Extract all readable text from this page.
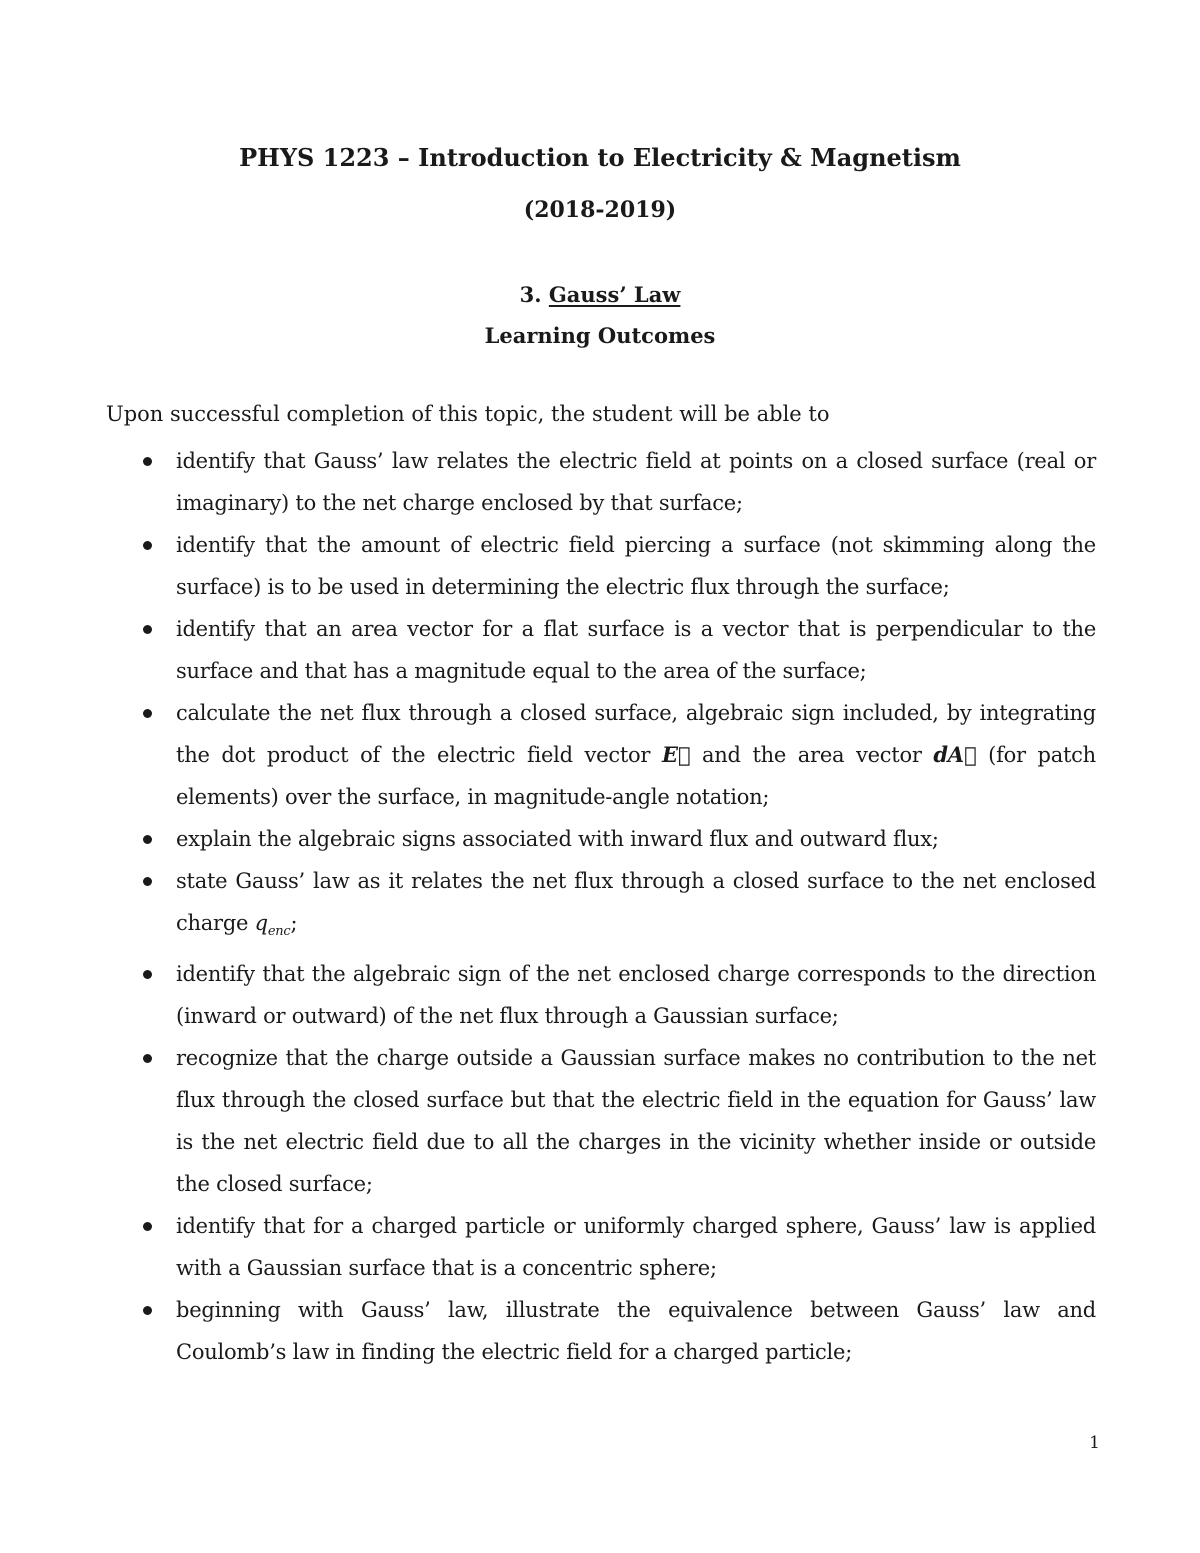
PHYS 1223 – Introduction to Electricity & Magnetism
(2018-2019)
3. Gauss’ Law
Learning Outcomes

Upon successful completion of this topic, the student will be able to

identify that Gauss’ law relates the electric field at points on a closed surface (real or imaginary) to the net charge enclosed by that surface;
identify that the amount of electric field piercing a surface (not skimming along the surface) is to be used in determining the electric flux through the surface;
identify that an area vector for a flat surface is a vector that is perpendicular to the surface and that has a magnitude equal to the area of the surface;
calculate the net flux through a closed surface, algebraic sign included, by integrating the dot product of the electric field vector E⃗ and the area vector dA⃗ (for patch elements) over the surface, in magnitude-angle notation;
explain the algebraic signs associated with inward flux and outward flux;
state Gauss’ law as it relates the net flux through a closed surface to the net enclosed charge $q_{enc}$;
identify that the algebraic sign of the net enclosed charge corresponds to the direction (inward or outward) of the net flux through a Gaussian surface;
recognize that the charge outside a Gaussian surface makes no contribution to the net flux through the closed surface but that the electric field in the equation for Gauss’ law is the net electric field due to all the charges in the vicinity whether inside or outside the closed surface;
identify that for a charged particle or uniformly charged sphere, Gauss’ law is applied with a Gaussian surface that is a concentric sphere;
beginning with Gauss’ law, illustrate the equivalence between Gauss’ law and Coulomb’s law in finding the electric field for a charged particle;

1
